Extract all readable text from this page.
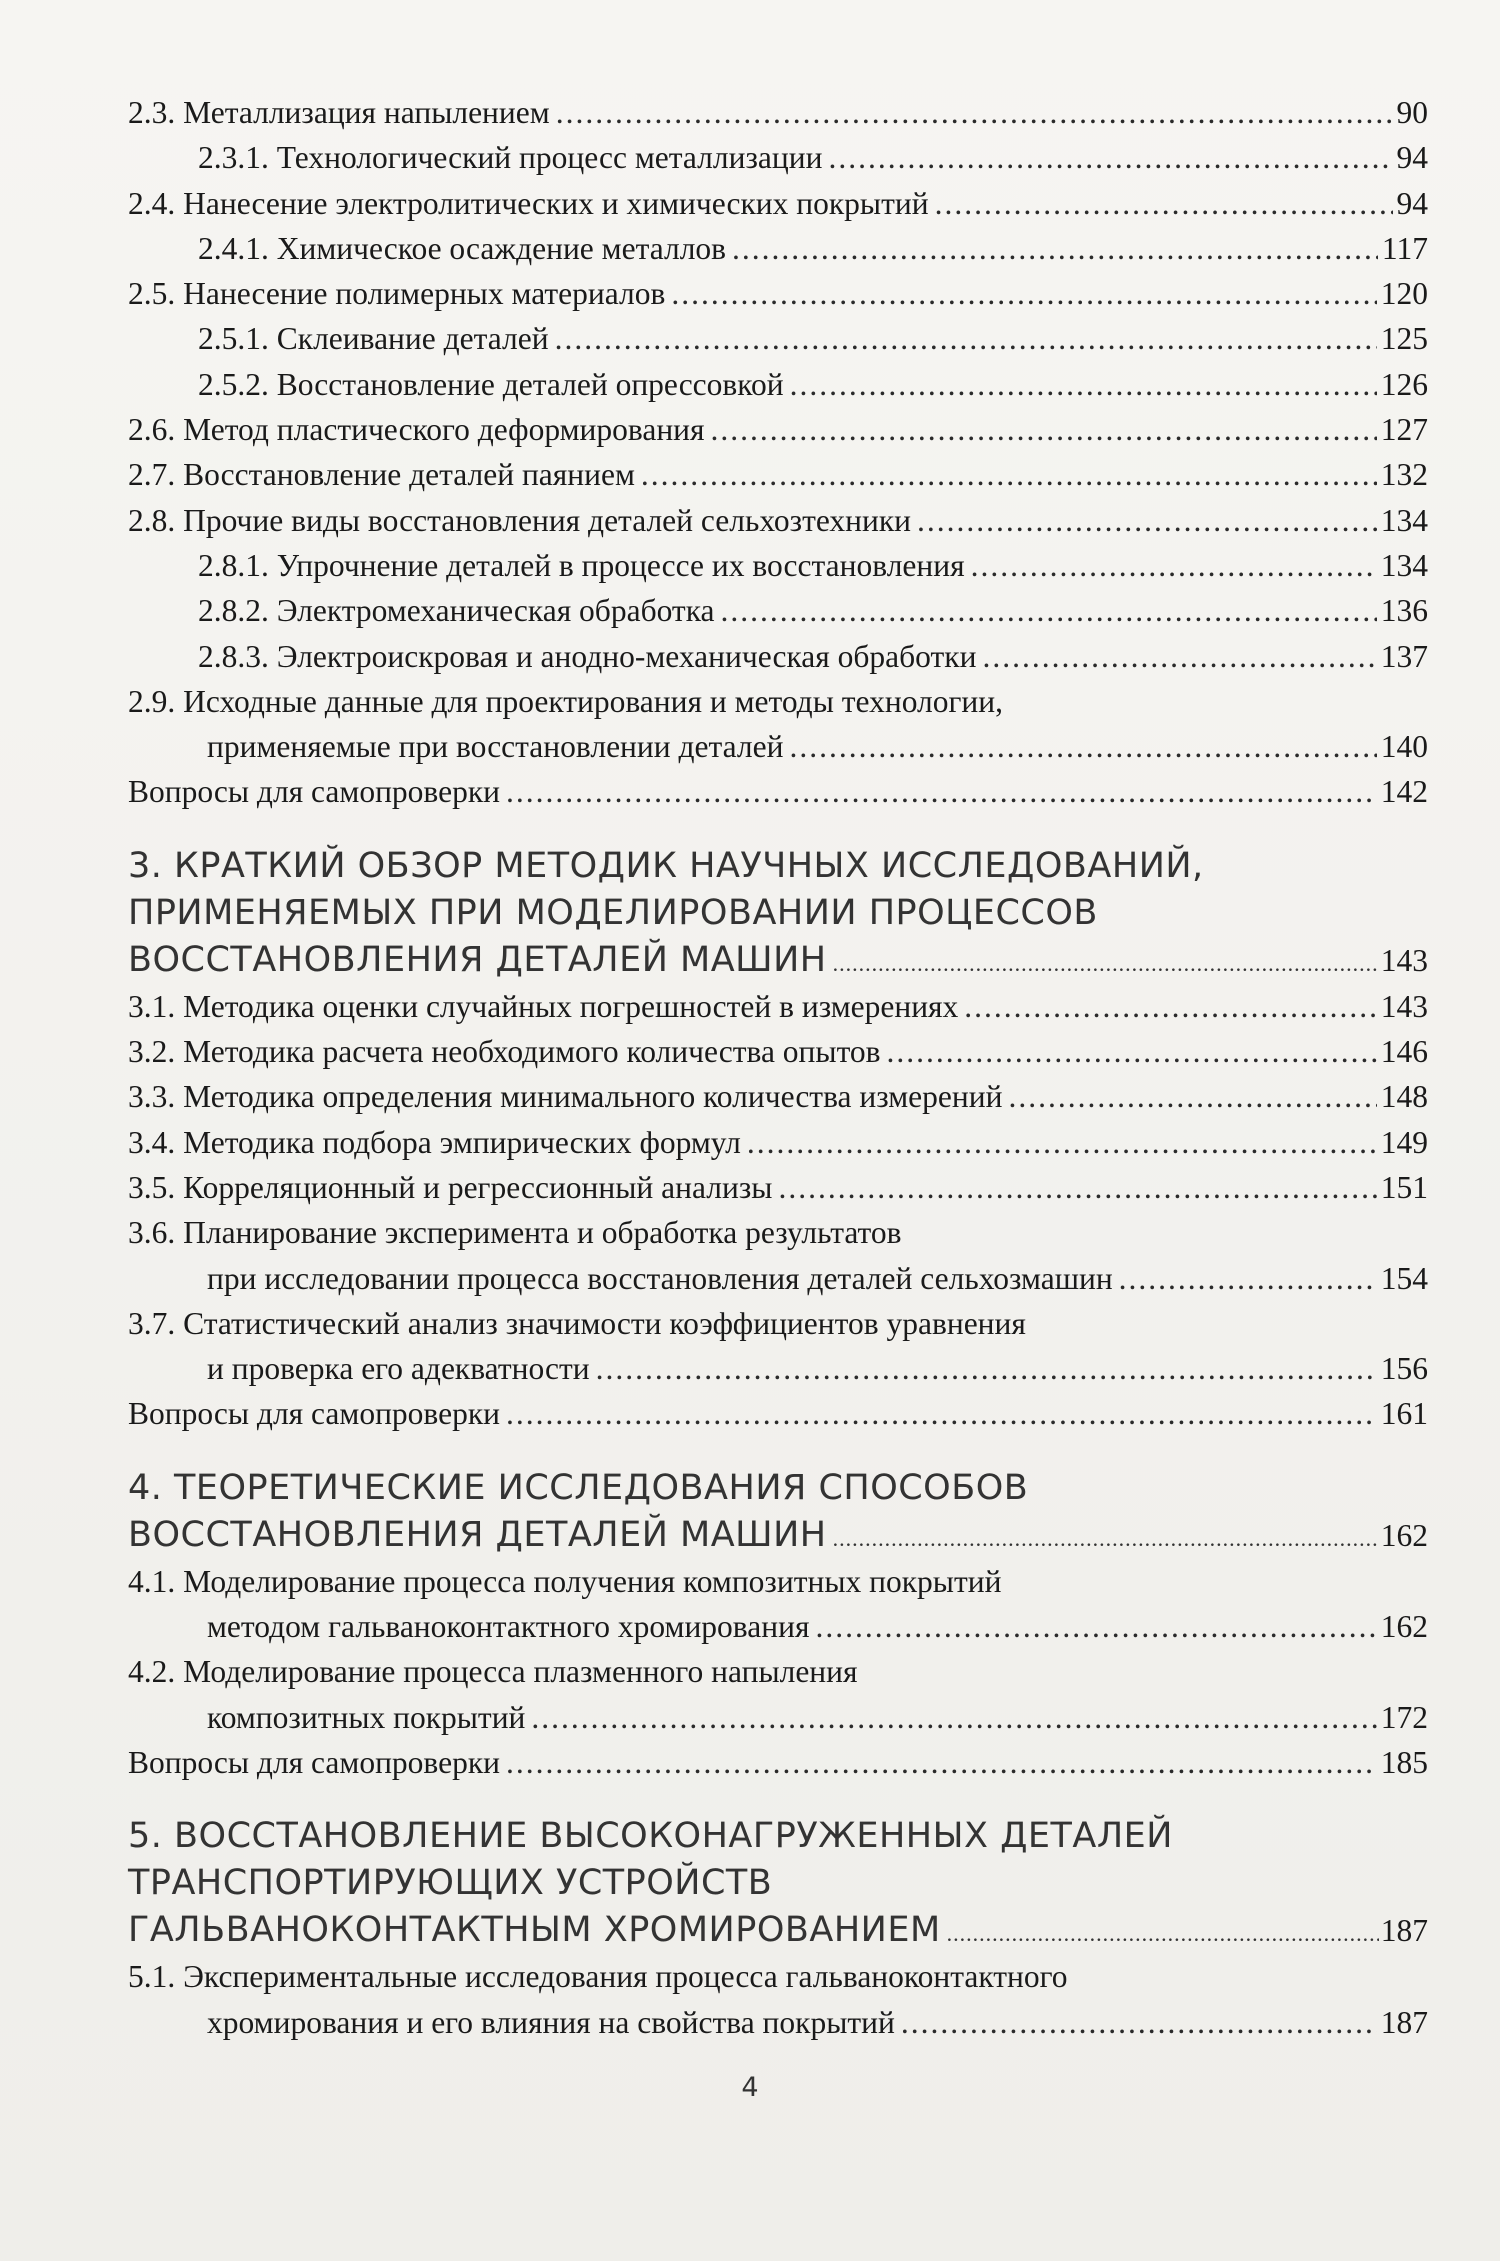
2.3. Металлизация напылением .....	90
2.3.1. Технологический процесс металлизации .....	94
2.4. Нанесение электролитических и химических покрытий .....	94
2.4.1. Химическое осаждение металлов .....	117
2.5. Нанесение полимерных материалов .....	120
2.5.1. Склеивание деталей .....	125
2.5.2. Восстановление деталей опрессовкой .....	126
2.6. Метод пластического деформирования .....	127
2.7. Восстановление деталей паянием .....	132
2.8. Прочие виды восстановления деталей сельхозтехники .....	134
2.8.1. Упрочнение деталей в процессе их восстановления .....	134
2.8.2. Электромеханическая обработка .....	136
2.8.3. Электроискровая и анодно-механическая обработки .....	137
2.9. Исходные данные для проектирования и методы технологии,
применяемые при восстановлении деталей .....	140
Вопросы для самопроверки .....	142
3. КРАТКИЙ ОБЗОР МЕТОДИК НАУЧНЫХ ИССЛЕДОВАНИЙ,
ПРИМЕНЯЕМЫХ ПРИ МОДЕЛИРОВАНИИ ПРОЦЕССОВ
ВОССТАНОВЛЕНИЯ ДЕТАЛЕЙ МАШИН .....	143
3.1. Методика оценки случайных погрешностей в измерениях .....	143
3.2. Методика расчета необходимого количества опытов .....	146
3.3. Методика определения минимального количества измерений .....	148
3.4. Методика подбора эмпирических формул .....	149
3.5. Корреляционный и регрессионный анализы .....	151
3.6. Планирование эксперимента и обработка результатов
при исследовании процесса восстановления деталей сельхозмашин .....	154
3.7. Статистический анализ значимости коэффициентов уравнения
и проверка его адекватности .....	156
Вопросы для самопроверки .....	161
4. ТЕОРЕТИЧЕСКИЕ ИССЛЕДОВАНИЯ СПОСОБОВ
ВОССТАНОВЛЕНИЯ ДЕТАЛЕЙ МАШИН .....	162
4.1. Моделирование процесса получения композитных покрытий
методом гальваноконтактного хромирования .....	162
4.2. Моделирование процесса плазменного напыления
композитных покрытий .....	172
Вопросы для самопроверки .....	185
5. ВОССТАНОВЛЕНИЕ ВЫСОКОНАГРУЖЕННЫХ ДЕТАЛЕЙ
ТРАНСПОРТИРУЮЩИХ УСТРОЙСТВ
ГАЛЬВАНОКОНТАКТНЫМ ХРОМИРОВАНИЕМ .....	187
5.1. Экспериментальные исследования процесса гальваноконтактного
хромирования и его влияния на свойства покрытий .....	187
4
